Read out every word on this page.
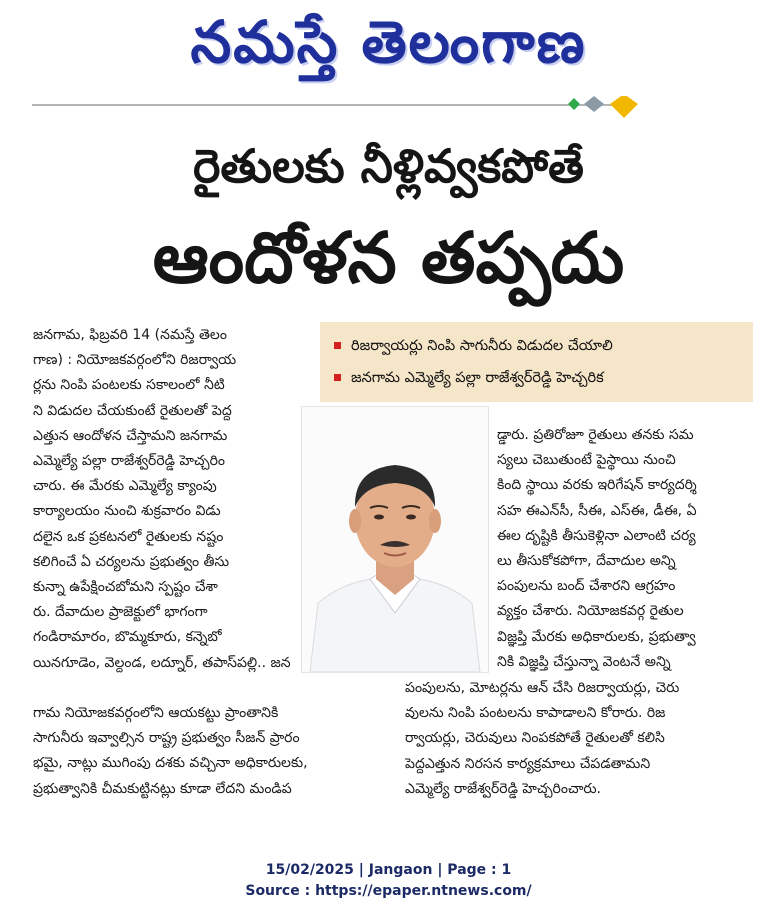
నమస్తే తెలంగాణ
రైతులకు నీళ్లివ్వకపోతే
ఆందోళన తప్పదు
రిజర్వాయర్లు నింపి సాగునీరు విడుదల చేయాలి
జనగామ ఎమ్మెల్యే పల్లా రాజేశ్వర్‌రెడ్డి హెచ్చరిక
జనగామ, ఫిబ్రవరి 14 (నమస్తే తెలం
గాణ) : నియోజకవర్గంలోని రిజర్వాయ
ర్లను నింపి పంటలకు సకాలంలో నీటి
ని విడుదల చేయకుంటే రైతులతో పెద్ద
ఎత్తున ఆందోళన చేస్తామని జనగామ
ఎమ్మెల్యే పల్లా రాజేశ్వర్‌రెడ్డి హెచ్చరిం
చారు. ఈ మేరకు ఎమ్మెల్యే క్యాంపు
కార్యాలయం నుంచి శుక్రవారం విడు
దలైన ఒక ప్రకటనలో రైతులకు నష్టం
కలిగించే ఏ చర్యలను ప్రభుత్వం తీసు
కున్నా ఉపేక్షించబోమని స్పష్టం చేశా
రు. దేవాదుల ప్రాజెక్టులో భాగంగా
గండిరామారం, బొమ్మకూరు, కన్నెబో
యినగూడెం, వెల్దండ, లద్నూర్, తపాస్‌పల్లి.. జన
గామ నియోజకవర్గంలోని ఆయకట్టు ప్రాంతానికి
సాగునీరు ఇవ్వాల్సిన రాష్ట్ర ప్రభుత్వం సీజన్ ప్రారం
భమై, నాట్లు ముగింపు దశకు వచ్చినా అధికారులకు,
ప్రభుత్వానికి చీమకుట్టినట్లు కూడా లేదని మండిప
డ్డారు. ప్రతిరోజూ రైతులు తనకు సమ
స్యలు చెబుతుంటే పైస్థాయి నుంచి
కింది స్థాయి వరకు ఇరిగేషన్ కార్యదర్శి
సహ ఈఎన్‌సీ, సీఈ, ఎస్‌ఈ, డీఈ, ఏ
ఈల దృష్టికి తీసుకెళ్లినా ఎలాంటి చర్య
లు తీసుకోకపోగా, దేవాదుల అన్ని
పంపులను బంద్ చేశారని ఆగ్రహం
వ్యక్తం చేశారు. నియోజకవర్గ రైతుల
విజ్ఞప్తి మేరకు అధికారులకు, ప్రభుత్వా
నికి విజ్ఞప్తి చేస్తున్నా వెంటనే అన్ని
పంపులను, మోటర్లను ఆన్ చేసి రిజర్వాయర్లు, చెరు
వులను నింపి పంటలను కాపాడాలని కోరారు. రిజ
ర్వాయర్లు, చెరువులు నింపకపోతే రైతులతో కలిసి
పెద్దఎత్తున నిరసన కార్యక్రమాలు చేపడతామని
ఎమ్మెల్యే రాజేశ్వర్‌రెడ్డి హెచ్చరించారు.
15/02/2025 | Jangaon | Page : 1
Source : https://epaper.ntnews.com/
